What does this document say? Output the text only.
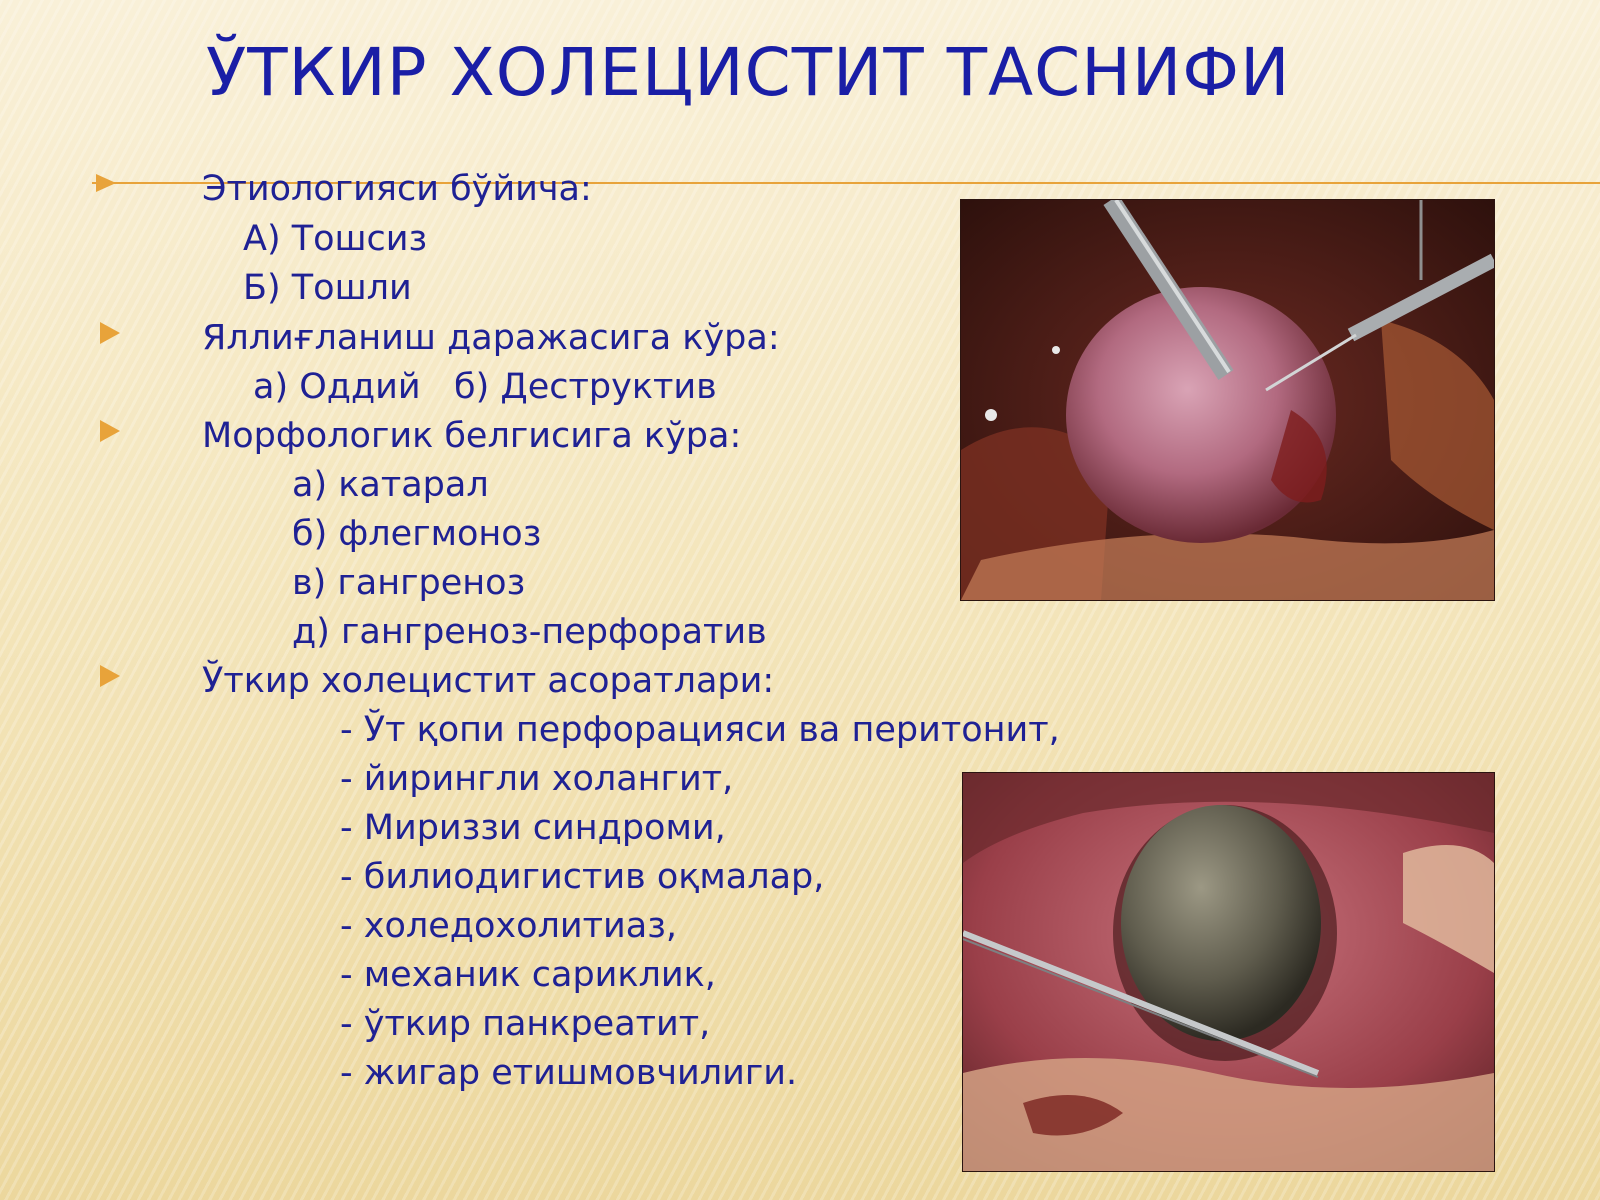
ЎТКИР ХОЛЕЦИСТИТ ТАСНИФИ
Этиологияси бўйича:
А) Тошсиз
Б) Тошли
Яллиғланиш даражасига кўра:
а) Оддий   б) Деструктив
Морфологик белгисига кўра:
а) катарал
б) флегмоноз
в) гангреноз
д) гангреноз-перфоратив
Ўткир холецистит асоратлари:
- Ўт қопи перфорацияси ва перитонит,
- йирингли холангит,
- Мириззи синдроми,
- билиодигистив оқмалар,
- холедохолитиаз,
- механик сариклик,
- ўткир панкреатит,
- жигар етишмовчилиги.
